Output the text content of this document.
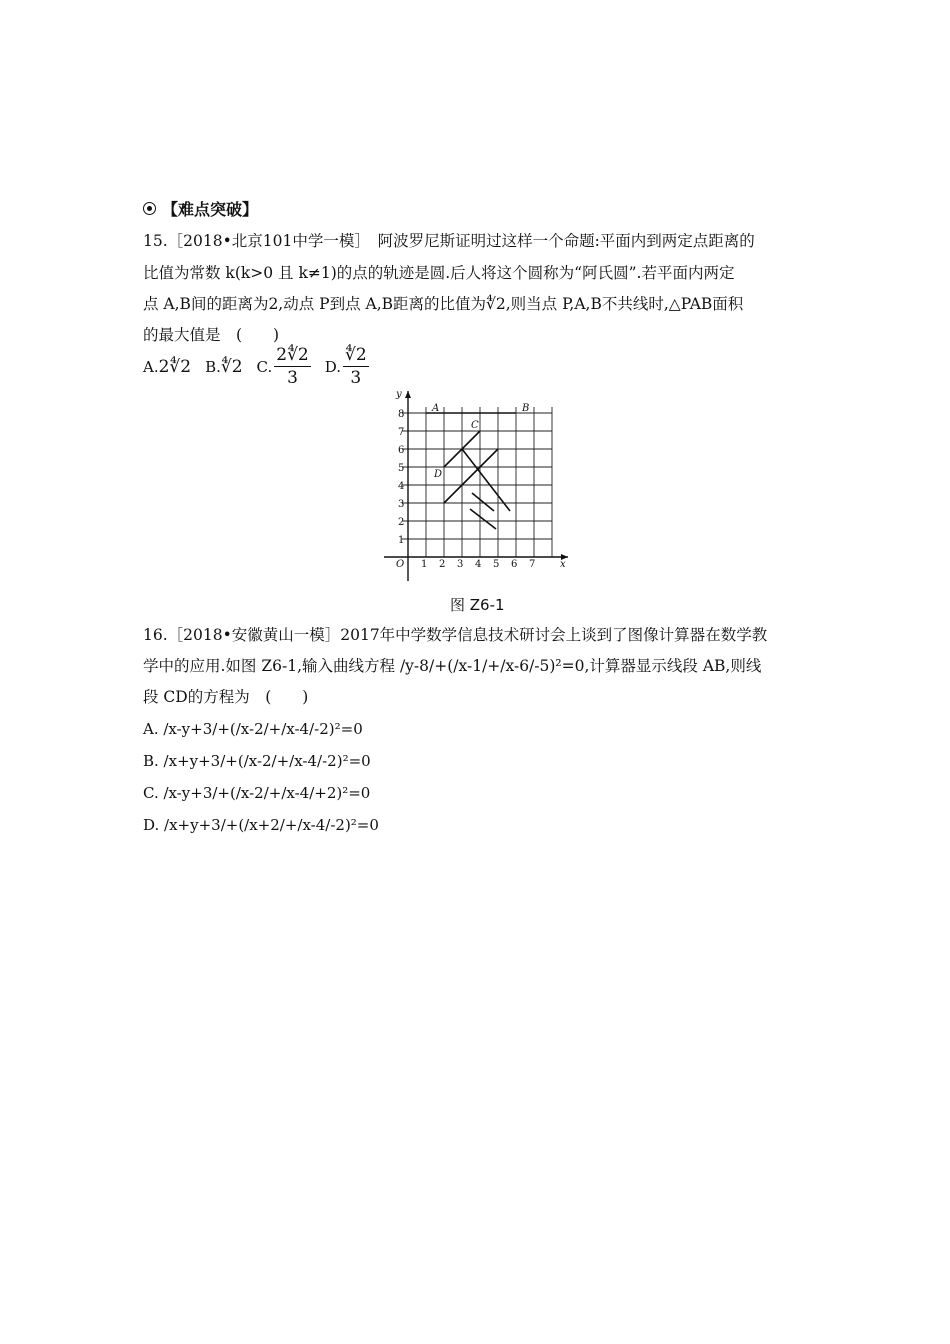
【难点突破】
15.［2018•北京101中学一模］　阿波罗尼斯证明过这样一个命题:平面内到两定点距离的
比值为常数 k(k>0 且 k≠1)的点的轨迹是圆.后人将这个圆称为“阿氏圆”.若平面内两定
点 A,B间的距离为2,动点 P到点 A,B距离的比值为∜2,则当点 P,A,B不共线时,△PAB面积
的最大值是　(　　)
A.2∜2 B.∜2 C. $\frac{2∜2}{3} D$. $\frac{∜2}{3}$
A	B
C
D
O	x
y
1 2 3 4 5 6 7
1
2
3
4
5
6
7
8
图 Z6-1
16.［2018•安徽黄山一模］2017年中学数学信息技术研讨会上谈到了图像计算器在数学教
学中的应用.如图 Z6-1,输入曲线方程 /y-8/+(/x-1/+/x-6/-5)²=0,计算器显示线段 AB,则线
段 CD的方程为　(　　)
A. /x-y+3/+(/x-2/+/x-4/-2)²=0
B. /x+y+3/+(/x-2/+/x-4/-2)²=0
C. /x-y+3/+(/x-2/+/x-4/+2)²=0
D. /x+y+3/+(/x+2/+/x-4/-2)²=0
